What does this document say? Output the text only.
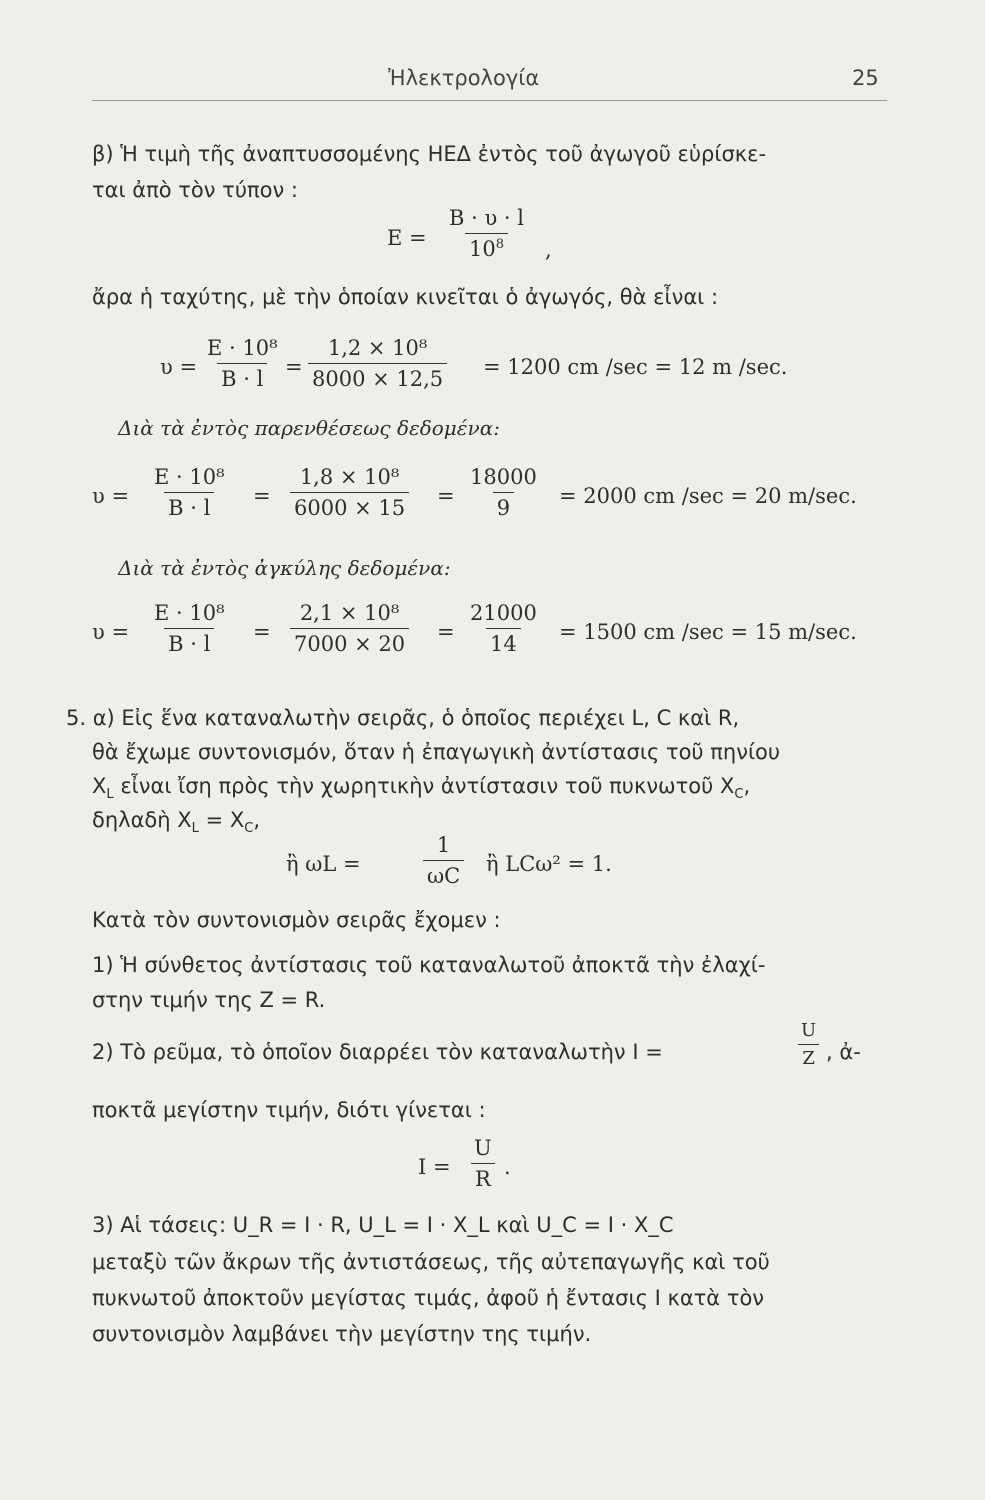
Ἠλεκτρολογία	25
β) Ἡ τιμὴ τῆς ἀναπτυσσομένης ΗΕΔ ἐντὸς τοῦ ἀγωγοῦ εὑρίσκε-
ται ἀπὸ τὸν τύπον :
$E = \frac{B \cdot \upsilon \cdot l}{10^8}$ ,
ἄρα ἡ ταχύτης, μὲ τὴν ὁποίαν κινεῖται ὁ ἀγωγός, θὰ εἶναι :
$\upsilon = \frac{\text{E · 10⁸}}{B \cdot l} = \frac{\text{1,2 × 10⁸}}{8000 \times 12,5} = 1200$ cm /sec = 12 m /sec.
Διὰ τὰ ἐντὸς παρενθέσεως δεδομένα:
$\upsilon = \frac{\text{E · 10⁸}}{B \cdot l} = \frac{\text{1,8 × 10⁸}}{6000 \times 15} = \frac{18000}{9} = 2000$ cm /sec = 20 m/sec.
Διὰ τὰ ἐντὸς ἀγκύλης δεδομένα:
$\upsilon = \frac{\text{E · 10⁸}}{B \cdot l} = \frac{\text{2,1 × 10⁸}}{7000 \times 20} = \frac{21000}{14} = 1500$ cm /sec = 15 m/sec.
5. α) Εἰς ἕνα καταναλωτὴν σειρᾶς, ὁ ὁποῖος περιέχει L, C καὶ R,
θὰ ἔχωμε συντονισμόν, ὅταν ἡ ἐπαγωγικὴ ἀντίστασις τοῦ πηνίου
$X_L$ εἶναι ἴση πρὸς τὴν χωρητικὴν ἀντίστασιν τοῦ πυκνωτοῦ $X_C$,
δηλαδὴ $X_L = X_C$,
ἢ ωL =	$\frac{1}{\omega C}$ ἢ LCω² = 1.
Κατὰ τὸν συντονισμὸν σειρᾶς ἔχομεν :
1) Ἡ σύνθετος ἀντίστασις τοῦ καταναλωτοῦ ἀποκτᾶ τὴν ἐλαχί-
στην τιμήν της Z = R.
2) Τὸ ρεῦμα, τὸ ὁποῖον διαρρέει τὸν καταναλωτὴν I =	$\frac{U}{Z}$ , ἀ-
ποκτᾶ μεγίστην τιμήν, διότι γίνεται :
$I = \frac{U}{R}$ .
3) Αἱ τάσεις: U_R = I · R, U_L = I · X_L καὶ U_C = I · X_C
μεταξὺ τῶν ἄκρων τῆς ἀντιστάσεως, τῆς αὐτεπαγωγῆς καὶ τοῦ
πυκνωτοῦ ἀποκτοῦν μεγίστας τιμάς, ἀφοῦ ἡ ἔντασις I κατὰ τὸν
συντονισμὸν λαμβάνει τὴν μεγίστην της τιμήν.
